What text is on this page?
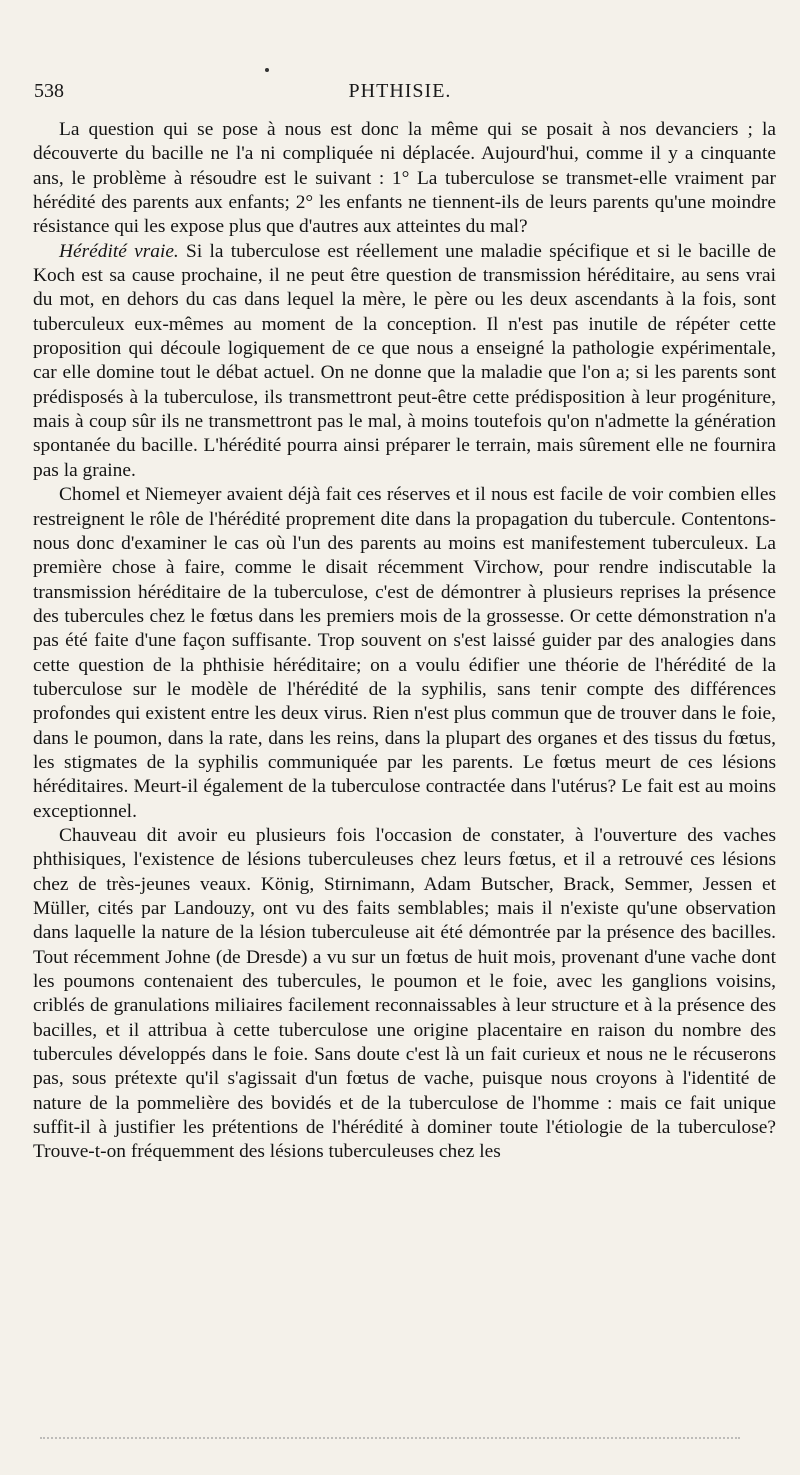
538	PHTHISIE.

La question qui se pose à nous est donc la même qui se posait à nos devanciers ; la découverte du bacille ne l'a ni compliquée ni déplacée. Aujourd'hui, comme il y a cinquante ans, le problème à résoudre est le suivant : 1° La tuberculose se transmet-elle vraiment par hérédité des parents aux enfants; 2° les enfants ne tiennent-ils de leurs parents qu'une moindre résistance qui les expose plus que d'autres aux atteintes du mal?

Hérédité vraie. Si la tuberculose est réellement une maladie spécifique et si le bacille de Koch est sa cause prochaine, il ne peut être question de transmission héréditaire, au sens vrai du mot, en dehors du cas dans lequel la mère, le père ou les deux ascendants à la fois, sont tuberculeux eux-mêmes au moment de la conception. Il n'est pas inutile de répéter cette proposition qui découle logiquement de ce que nous a enseigné la pathologie expérimentale, car elle domine tout le débat actuel. On ne donne que la maladie que l'on a; si les parents sont prédisposés à la tuberculose, ils transmettront peut-être cette prédisposition à leur progéniture, mais à coup sûr ils ne transmettront pas le mal, à moins toutefois qu'on n'admette la génération spontanée du bacille. L'hérédité pourra ainsi préparer le terrain, mais sûrement elle ne fournira pas la graine.

Chomel et Niemeyer avaient déjà fait ces réserves et il nous est facile de voir combien elles restreignent le rôle de l'hérédité proprement dite dans la propagation du tubercule. Contentons-nous donc d'examiner le cas où l'un des parents au moins est manifestement tuberculeux. La première chose à faire, comme le disait récemment Virchow, pour rendre indiscutable la transmission héréditaire de la tuberculose, c'est de démontrer à plusieurs reprises la présence des tubercules chez le fœtus dans les premiers mois de la grossesse. Or cette démonstration n'a pas été faite d'une façon suffisante. Trop souvent on s'est laissé guider par des analogies dans cette question de la phthisie héréditaire; on a voulu édifier une théorie de l'hérédité de la tuberculose sur le modèle de l'hérédité de la syphilis, sans tenir compte des différences profondes qui existent entre les deux virus. Rien n'est plus commun que de trouver dans le foie, dans le poumon, dans la rate, dans les reins, dans la plupart des organes et des tissus du fœtus, les stigmates de la syphilis communiquée par les parents. Le fœtus meurt de ces lésions héréditaires. Meurt-il également de la tuberculose contractée dans l'utérus? Le fait est au moins exceptionnel.

Chauveau dit avoir eu plusieurs fois l'occasion de constater, à l'ouverture des vaches phthisiques, l'existence de lésions tuberculeuses chez leurs fœtus, et il a retrouvé ces lésions chez de très-jeunes veaux. König, Stirnimann, Adam Butscher, Brack, Semmer, Jessen et Müller, cités par Landouzy, ont vu des faits semblables; mais il n'existe qu'une observation dans laquelle la nature de la lésion tuberculeuse ait été démontrée par la présence des bacilles. Tout récemment Johne (de Dresde) a vu sur un fœtus de huit mois, provenant d'une vache dont les poumons contenaient des tubercules, le poumon et le foie, avec les ganglions voisins, criblés de granulations miliaires facilement reconnaissables à leur structure et à la présence des bacilles, et il attribua à cette tuberculose une origine placentaire en raison du nombre des tubercules développés dans le foie. Sans doute c'est là un fait curieux et nous ne le récuserons pas, sous prétexte qu'il s'agissait d'un fœtus de vache, puisque nous croyons à l'identité de nature de la pommelière des bovidés et de la tuberculose de l'homme : mais ce fait unique suffit-il à justifier les prétentions de l'hérédité à dominer toute l'étiologie de la tuberculose? Trouve-t-on fréquemment des lésions tuberculeuses chez les
